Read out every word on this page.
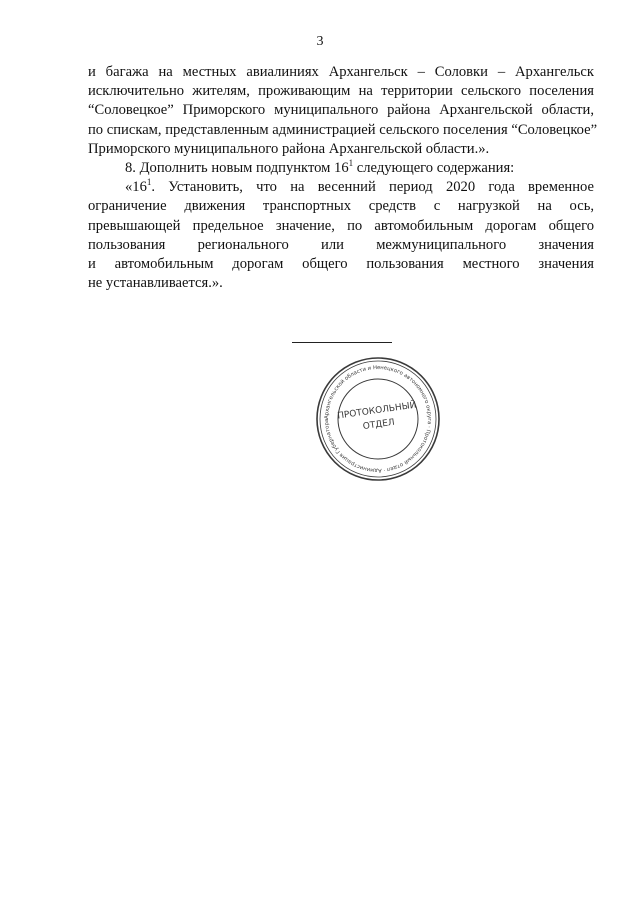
3
и багажа на местных авиалиниях Архангельск – Соловки – Архангельск
исключительно жителям, проживающим на территории сельского поселения
“Соловецкое” Приморского муниципального района Архангельской области,
по спискам, представленным администрацией сельского поселения “Соловецкое”
Приморского муниципального района Архангельской области.».
8. Дополнить новым подпунктом $16^1$ следующего содержания:
«$16^1$. Установить, что на весенний период 2020 года временное
ограничение движения транспортных средств с нагрузкой на ось,
превышающей предельное значение, по автомобильным дорогам общего
пользования регионального или межмуниципального значения
и автомобильным дорогам общего пользования местного значения
не устанавливается.».
Архангельской области и Ненецкого автономного округа · Протокольный отдел · Администрация Губернатора ПРОТОКОЛЬНЫЙ
ОТДЕЛ
